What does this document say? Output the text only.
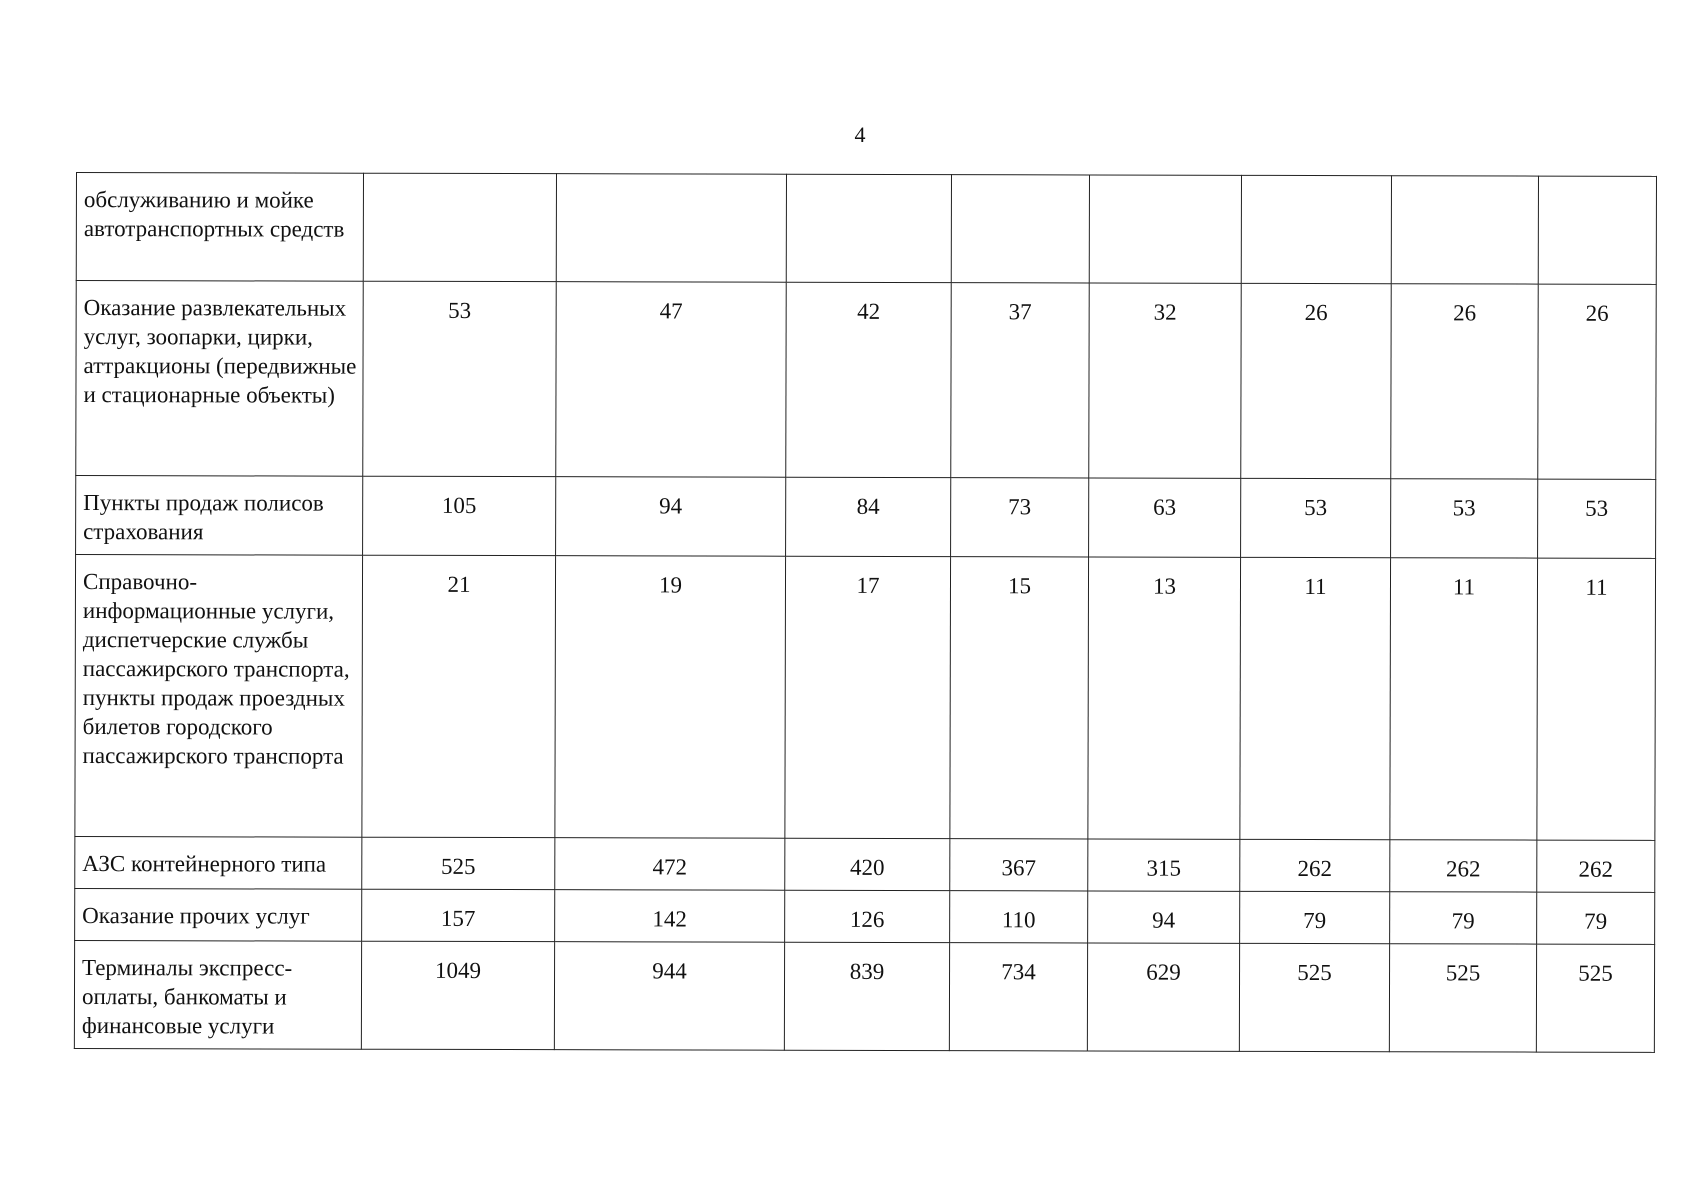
4
обслуживанию и мойке автотранспортных средств								
Оказание развлекательных услуг, зоопарки, цирки, аттракционы (передвижные и стационарные объекты)	53	47	42	37	32	26	26	26
Пункты продаж полисов страхования	105	94	84	73	63	53	53	53
Справочно-информационные услуги, диспетчерские службы пассажирского транспорта, пункты продаж проездных билетов городского пассажирского транспорта	21	19	17	15	13	11	11	11
АЗС контейнерного типа	525	472	420	367	315	262	262	262
Оказание прочих услуг	157	142	126	110	94	79	79	79
Терминалы экспресс-оплаты, банкоматы и финансовые услуги	1049	944	839	734	629	525	525	525
